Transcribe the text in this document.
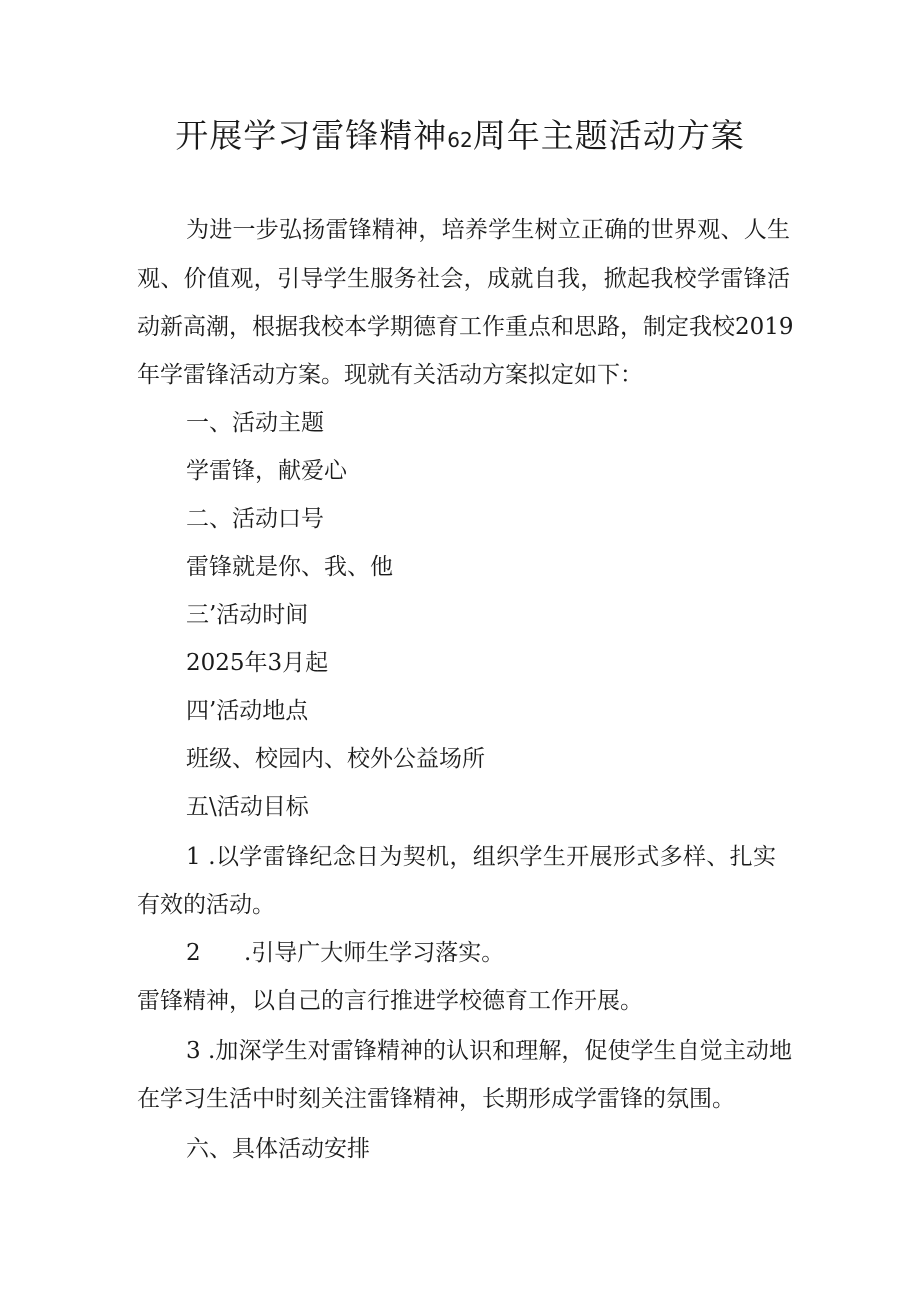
开展学习雷锋精神62周年主题活动方案
为进一步弘扬雷锋精神，培养学生树立正确的世界观、人生
观、价值观，引导学生服务社会，成就自我，掀起我校学雷锋活
动新高潮，根据我校本学期德育工作重点和思路，制定我校2019
年学雷锋活动方案。现就有关活动方案拟定如下：
一、活动主题
学雷锋，献爱心
二、活动口号
雷锋就是你、我、他
三’活动时间
2025年3月起
四’活动地点
班级、校园内、校外公益场所
五\活动目标
1 .以学雷锋纪念日为契机，组织学生开展形式多样、扎实
有效的活动。
2 .引导广大师生学习落实。
雷锋精神，以自己的言行推进学校德育工作开展。
3 .加深学生对雷锋精神的认识和理解，促使学生自觉主动地
在学习生活中时刻关注雷锋精神，长期形成学雷锋的氛围。
六、具体活动安排
